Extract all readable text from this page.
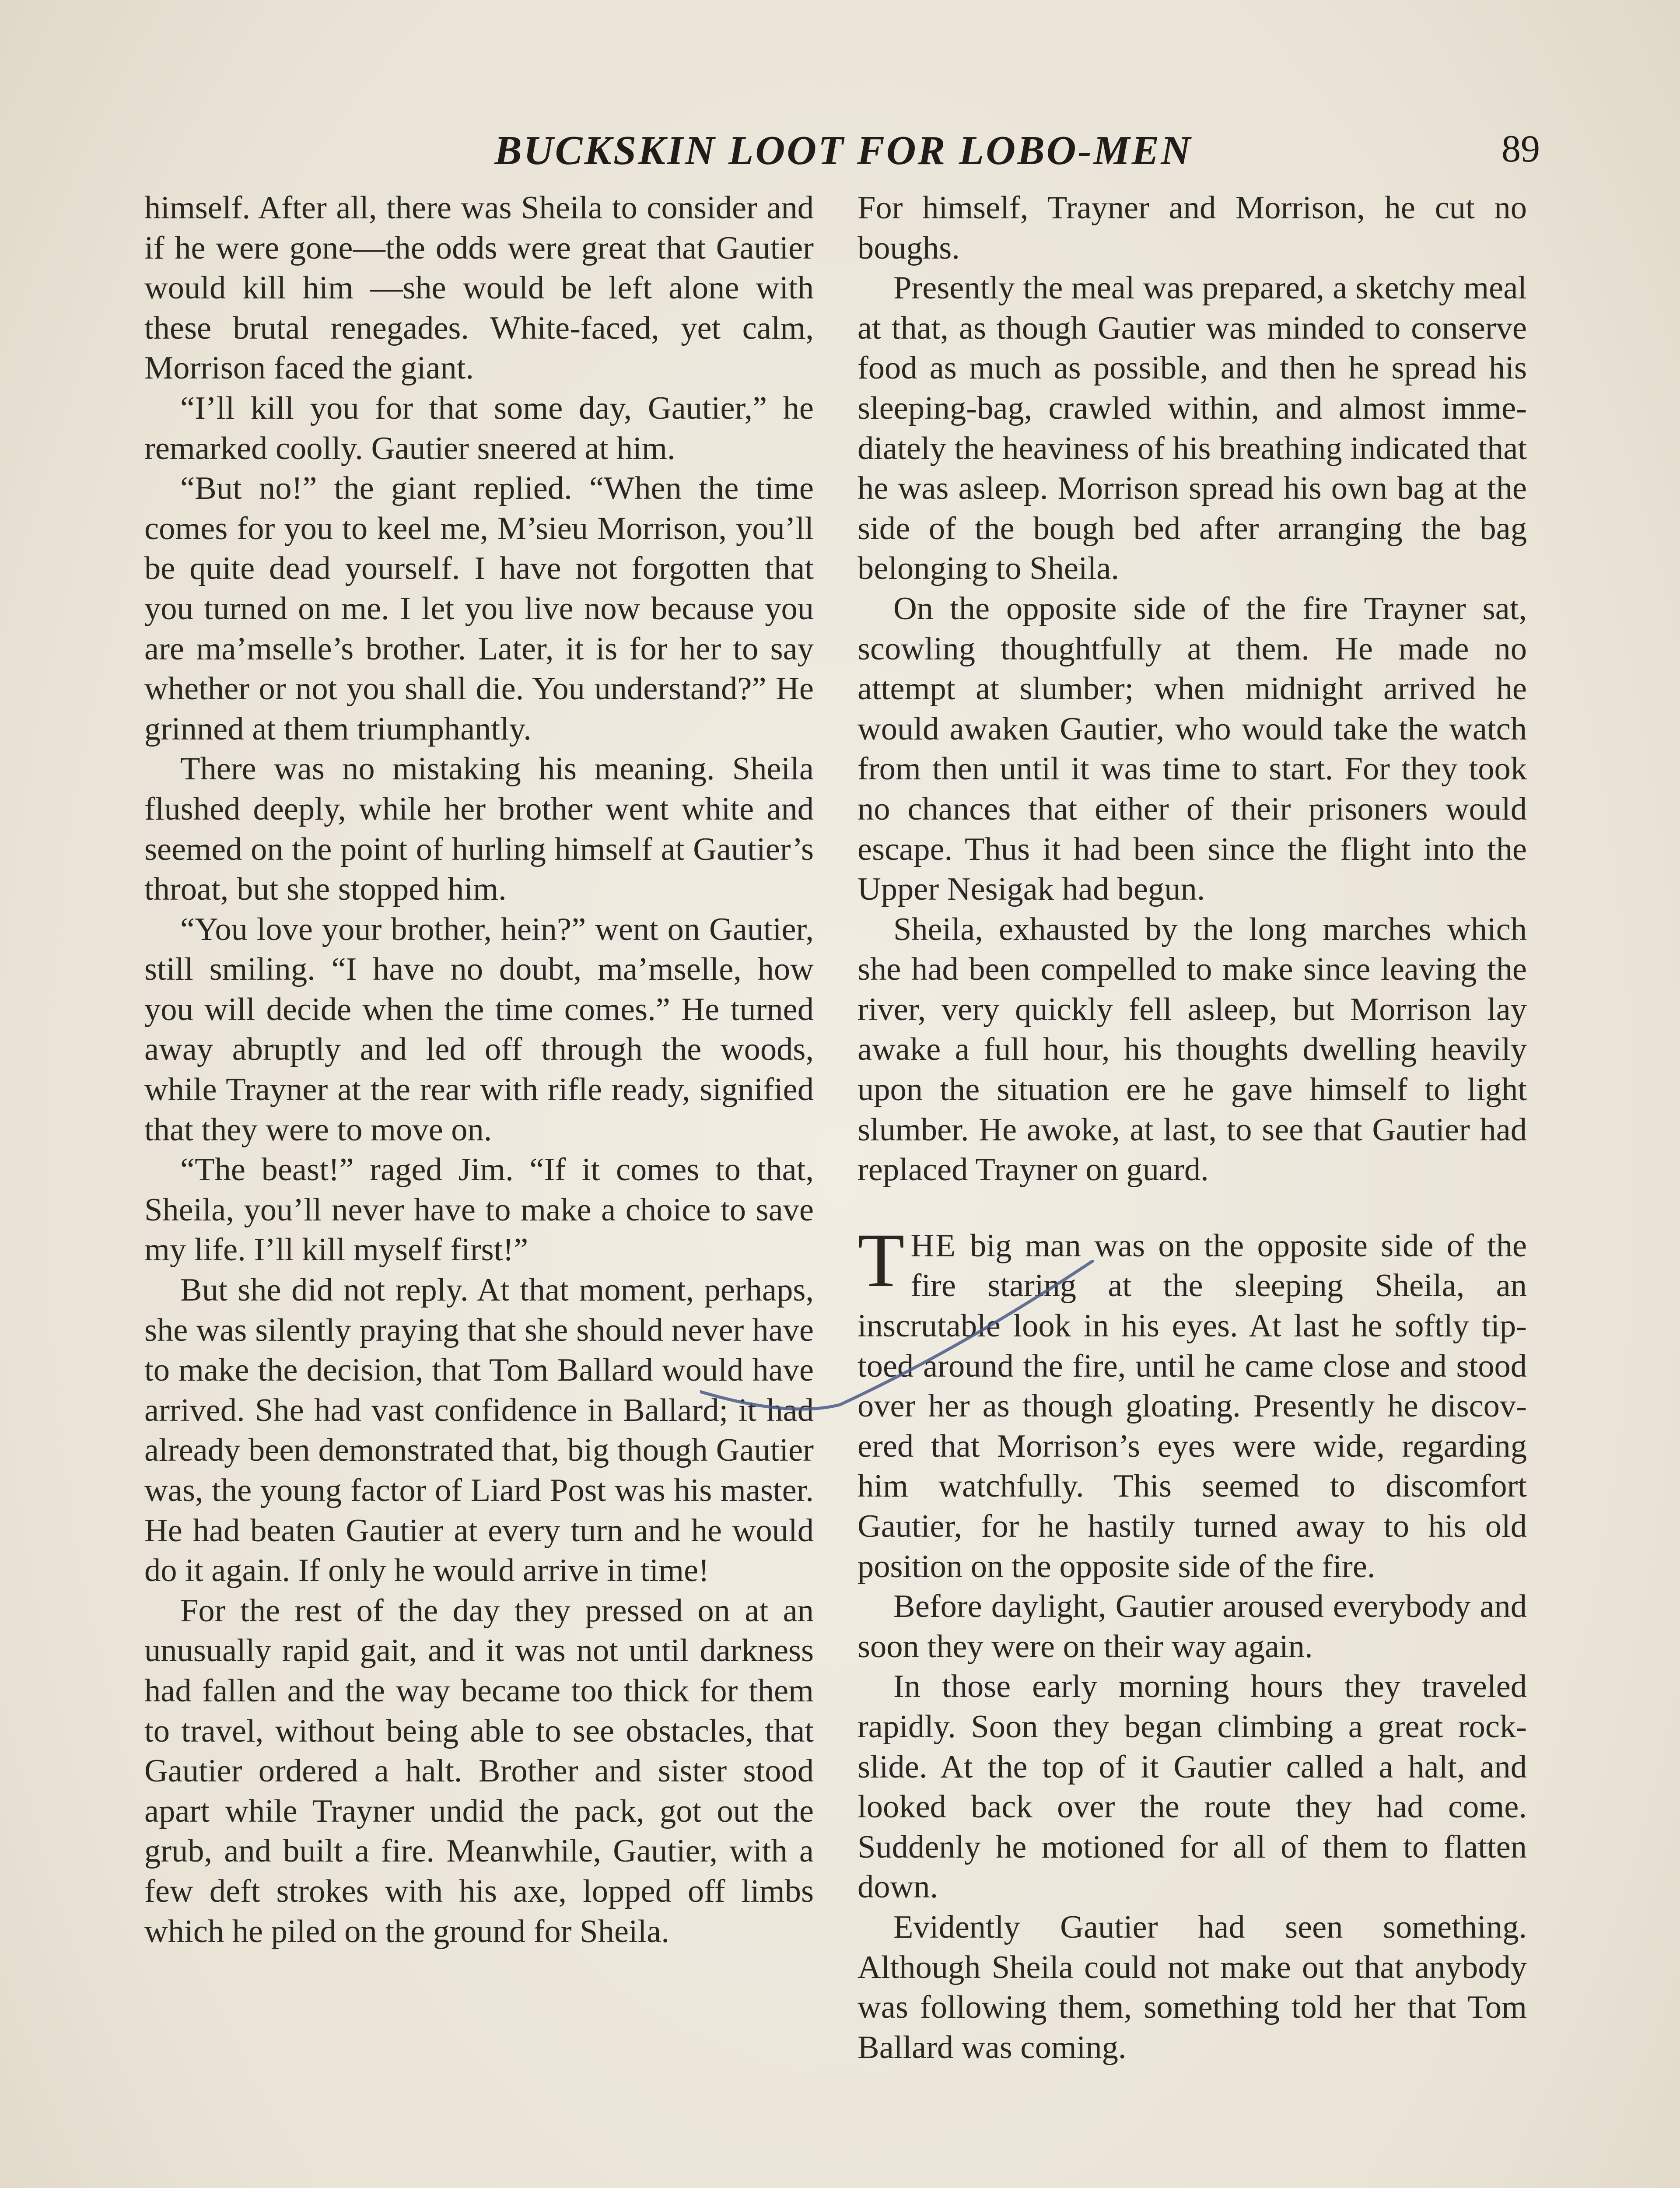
BUCKSKIN LOOT FOR LOBO-MEN	89

himself. After all, there was Sheila to consider and if he were gone—the odds were great that Gautier would kill him —she would be left alone with these brutal renegades. White-faced, yet calm, Morrison faced the giant.

“I’ll kill you for that some day, Gautier,” he remarked coolly. Gautier sneered at him.

“But no!” the giant replied. “When the time comes for you to keel me, M’sieu Morrison, you’ll be quite dead yourself. I have not forgotten that you turned on me. I let you live now because you are ma’mselle’s brother. Later, it is for her to say whether or not you shall die. You understand?” He grinned at them triumphantly.

There was no mistaking his meaning. Sheila flushed deeply, while her brother went white and seemed on the point of hurling himself at Gautier’s throat, but she stopped him.

“You love your brother, hein?” went on Gautier, still smiling. “I have no doubt, ma’mselle, how you will decide when the time comes.” He turned away abruptly and led off through the woods, while Trayner at the rear with rifle ready, signified that they were to move on.

“The beast!” raged Jim. “If it comes to that, Sheila, you’ll never have to make a choice to save my life. I’ll kill myself first!”

But she did not reply. At that moment, perhaps, she was silently praying that she should never have to make the decision, that Tom Ballard would have arrived. She had vast confidence in Ballard; it had already been demonstrated that, big though Gautier was, the young factor of Liard Post was his master. He had beaten Gautier at every turn and he would do it again. If only he would arrive in time!

For the rest of the day they pressed on at an unusually rapid gait, and it was not until darkness had fallen and the way became too thick for them to travel, without being able to see obstacles, that Gautier ordered a halt. Brother and sister stood apart while Trayner undid the pack, got out the grub, and built a fire. Meanwhile, Gautier, with a few deft strokes with his axe, lopped off limbs which he piled on the ground for Sheila.

For himself, Trayner and Morrison, he cut no boughs.

Presently the meal was prepared, a sketchy meal at that, as though Gautier was minded to conserve food as much as possible, and then he spread his sleeping-bag, crawled within, and almost immediately the heaviness of his breathing indicated that he was asleep. Morrison spread his own bag at the side of the bough bed after arranging the bag belonging to Sheila.

On the opposite side of the fire Trayner sat, scowling thoughtfully at them. He made no attempt at slumber; when midnight arrived he would awaken Gautier, who would take the watch from then until it was time to start. For they took no chances that either of their prisoners would escape. Thus it had been since the flight into the Upper Nesigak had begun.

Sheila, exhausted by the long marches which she had been compelled to make since leaving the river, very quickly fell asleep, but Morrison lay awake a full hour, his thoughts dwelling heavily upon the situation ere he gave himself to light slumber. He awoke, at last, to see that Gautier had replaced Trayner on guard.

THE big man was on the opposite side of the fire staring at the sleeping Sheila, an inscrutable look in his eyes. At last he softly tip-toed around the fire, until he came close and stood over her as though gloating. Presently he discovered that Morrison’s eyes were wide, regarding him watchfully. This seemed to discomfort Gautier, for he hastily turned away to his old position on the opposite side of the fire.

Before daylight, Gautier aroused everybody and soon they were on their way again.

In those early morning hours they traveled rapidly. Soon they began climbing a great rock-slide. At the top of it Gautier called a halt, and looked back over the route they had come. Suddenly he motioned for all of them to flatten down.

Evidently Gautier had seen something. Although Sheila could not make out that anybody was following them, something told her that Tom Ballard was coming.
